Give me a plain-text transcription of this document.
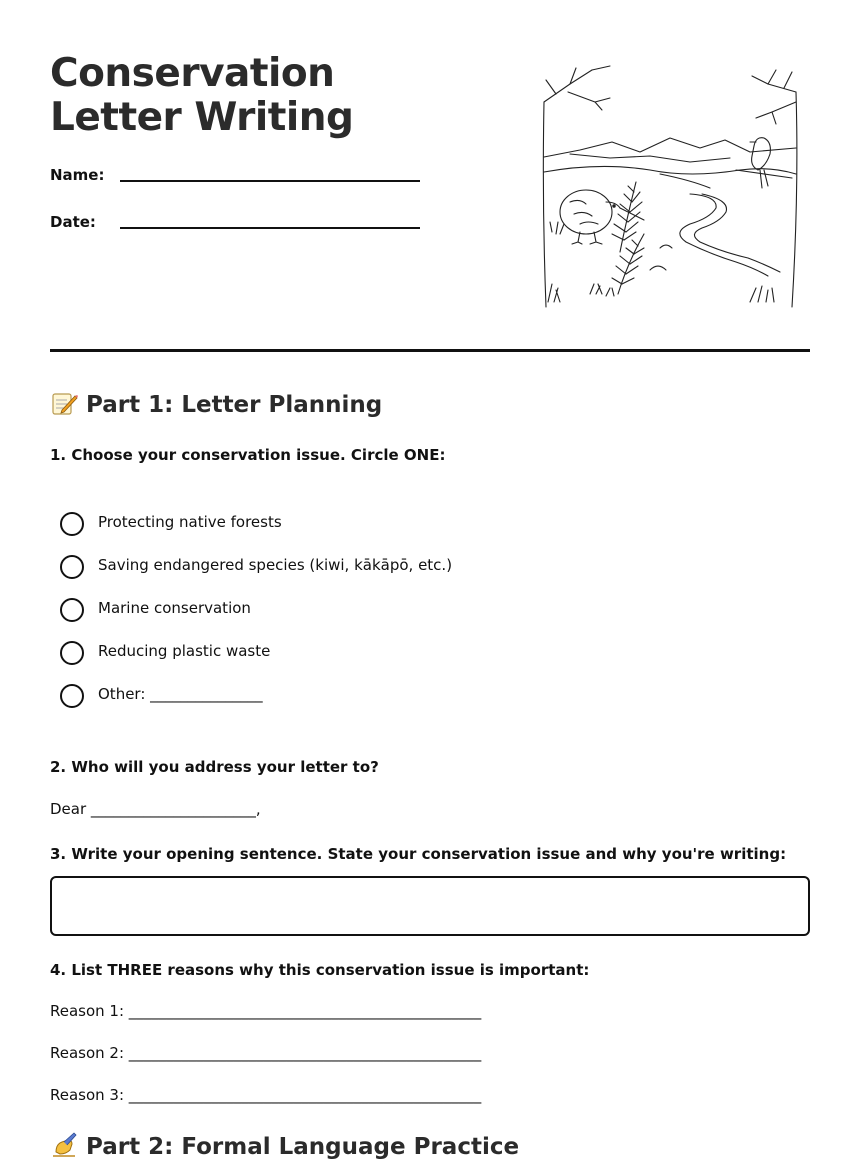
Conservation Letter Writing
Name:
Date:
Part 1: Letter Planning
1. Choose your conservation issue. Circle ONE:
Protecting native forests
Saving endangered species (kiwi, kākāpō, etc.)
Marine conservation
Reducing plastic waste
Other: _______________
2. Who will you address your letter to?
Dear ______________________,
3. Write your opening sentence. State your conservation issue and why you're writing:
4. List THREE reasons why this conservation issue is important:
Reason 1: _______________________________________________
Reason 2: _______________________________________________
Reason 3: _______________________________________________
Part 2: Formal Language Practice
